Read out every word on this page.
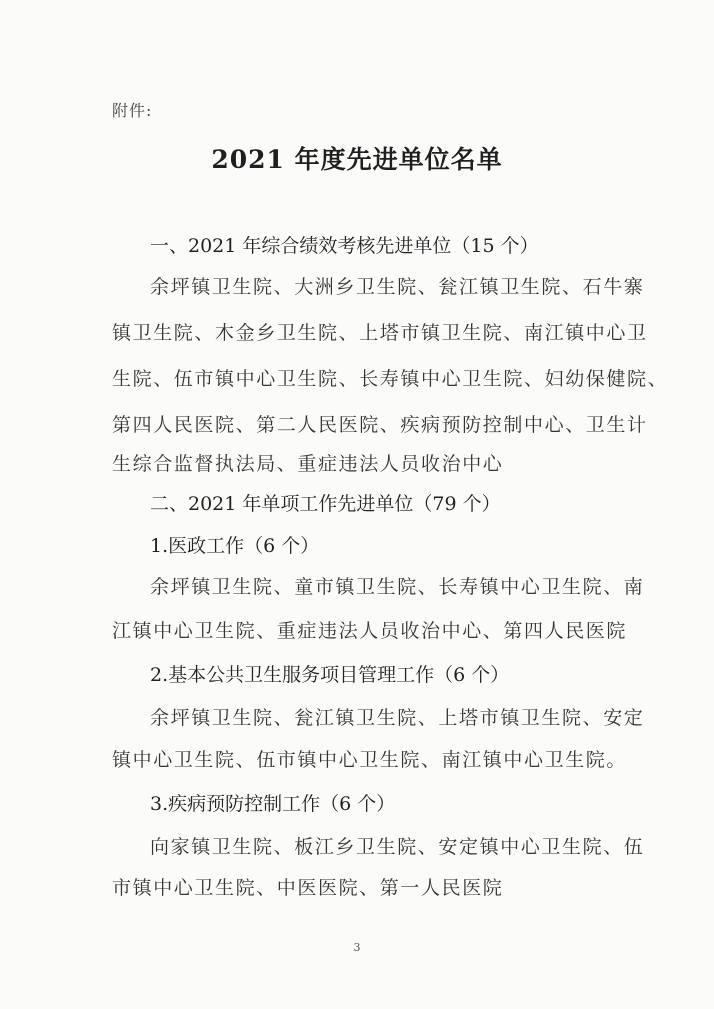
附件:
2021 年度先进单位名单
一、2021 年综合绩效考核先进单位（15 个）
余坪镇卫生院、大洲乡卫生院、瓮江镇卫生院、石牛寨
镇卫生院、木金乡卫生院、上塔市镇卫生院、南江镇中心卫
生院、伍市镇中心卫生院、长寿镇中心卫生院、妇幼保健院、
第四人民医院、第二人民医院、疾病预防控制中心、卫生计
生综合监督执法局、重症违法人员收治中心
二、2021 年单项工作先进单位（79 个）
1.医政工作（6 个）
余坪镇卫生院、童市镇卫生院、长寿镇中心卫生院、南
江镇中心卫生院、重症违法人员收治中心、第四人民医院
2.基本公共卫生服务项目管理工作（6 个）
余坪镇卫生院、瓮江镇卫生院、上塔市镇卫生院、安定
镇中心卫生院、伍市镇中心卫生院、南江镇中心卫生院。
3.疾病预防控制工作（6 个）
向家镇卫生院、板江乡卫生院、安定镇中心卫生院、伍
市镇中心卫生院、中医医院、第一人民医院
3
